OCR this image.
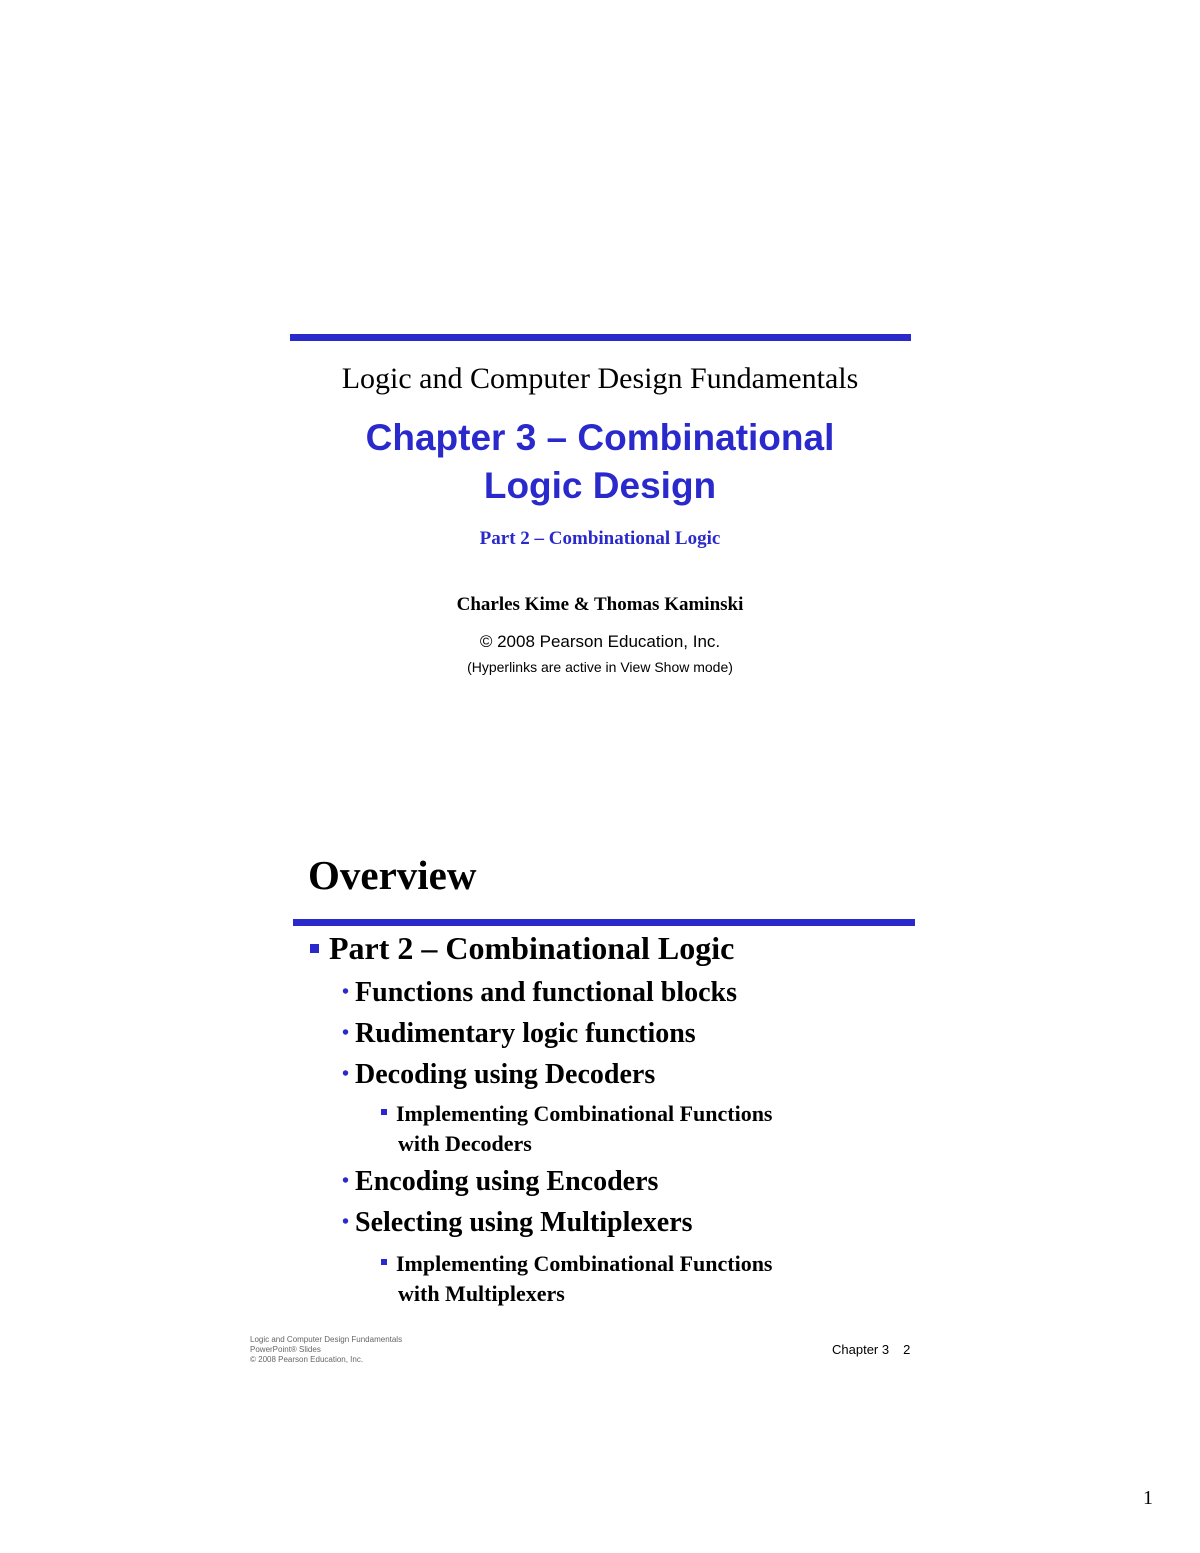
Logic and Computer Design Fundamentals
Chapter 3 – Combinational
Logic Design
Part 2 – Combinational Logic
Charles Kime & Thomas Kaminski
© 2008 Pearson Education, Inc.
(Hyperlinks are active in View Show mode)
Overview
Part 2 – Combinational Logic
• Functions and functional blocks
• Rudimentary logic functions
• Decoding using Decoders
Implementing Combinational Functions
with Decoders
• Encoding using Encoders
• Selecting using Multiplexers
Implementing Combinational Functions
with Multiplexers
Logic and Computer Design Fundamentals
PowerPoint® Slides
© 2008 Pearson Education, Inc.
Chapter 3 2
1
